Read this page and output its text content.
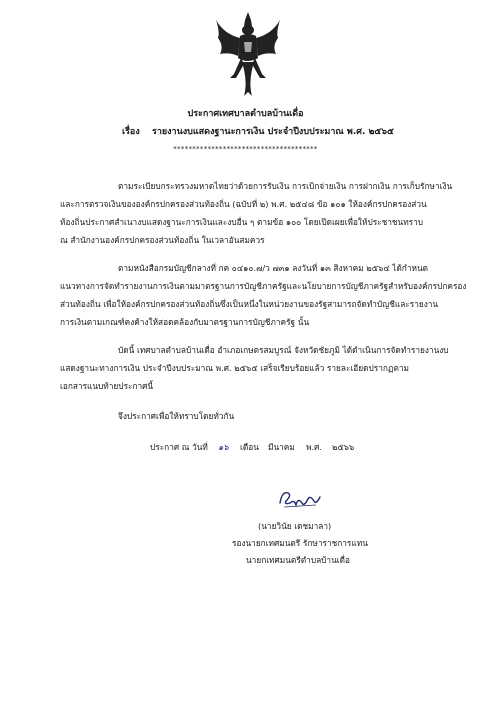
ประกาศเทศบาลตำบลบ้านเดื่อ
เรื่อง รายงานงบแสดงฐานะการเงิน ประจำปีงบประมาณ พ.ศ. ๒๕๖๕
**************************************
ตามระเบียบกระทรวงมหาดไทยว่าด้วยการรับเงิน การเบิกจ่ายเงิน การฝากเงิน การเก็บรักษาเงิน
และการตรวจเงินขององค์กรปกครองส่วนท้องถิ่น (ฉบับที่ ๒) พ.ศ. ๒๕๔๘ ข้อ ๑๐๑ ให้องค์กรปกครองส่วน
ท้องถิ่นประกาศสำเนางบแสดงฐานะการเงินและงบอื่น ๆ ตามข้อ ๑๐๐ โดยเปิดเผยเพื่อให้ประชาชนทราบ
ณ สำนักงานองค์กรปกครองส่วนท้องถิ่น ในเวลาอันสมควร
ตามหนังสือกรมบัญชีกลางที่ กค ๐๔๑๐.๗/ว ๗๓๑ ลงวันที่ ๑๓ สิงหาคม ๒๕๖๔ ได้กำหนด
แนวทางการจัดทำรายงานการเงินตามมาตรฐานการบัญชีภาครัฐและนโยบายการบัญชีภาครัฐสำหรับองค์กรปกครอง
ส่วนท้องถิ่น เพื่อให้องค์กรปกครองส่วนท้องถิ่นซึ่งเป็นหนึ่งในหน่วยงานของรัฐสามารถจัดทำบัญชีและรายงาน
การเงินตามเกณฑ์คงค้างให้สอดคล้องกับมาตรฐานการบัญชีภาครัฐ นั้น
บัดนี้ เทศบาลตำบลบ้านเดื่อ อำเภอเกษตรสมบูรณ์ จังหวัดชัยภูมิ ได้ดำเนินการจัดทำรายงานงบ
แสดงฐานะทางการเงิน ประจำปีงบประมาณ พ.ศ. ๒๕๖๕ เสร็จเรียบร้อยแล้ว รายละเอียดปรากฏตาม
เอกสารแนบท้ายประกาศนี้
จึงประกาศเพื่อให้ทราบโดยทั่วกัน
ประกาศ ณ วันที่ ๑๖ เดือน มีนาคม พ.ศ. ๒๕๖๖
(นายวินัย เดชมาลา)
รองนายกเทศมนตรี รักษาราชการแทน
นายกเทศมนตรีตำบลบ้านเดื่อ
